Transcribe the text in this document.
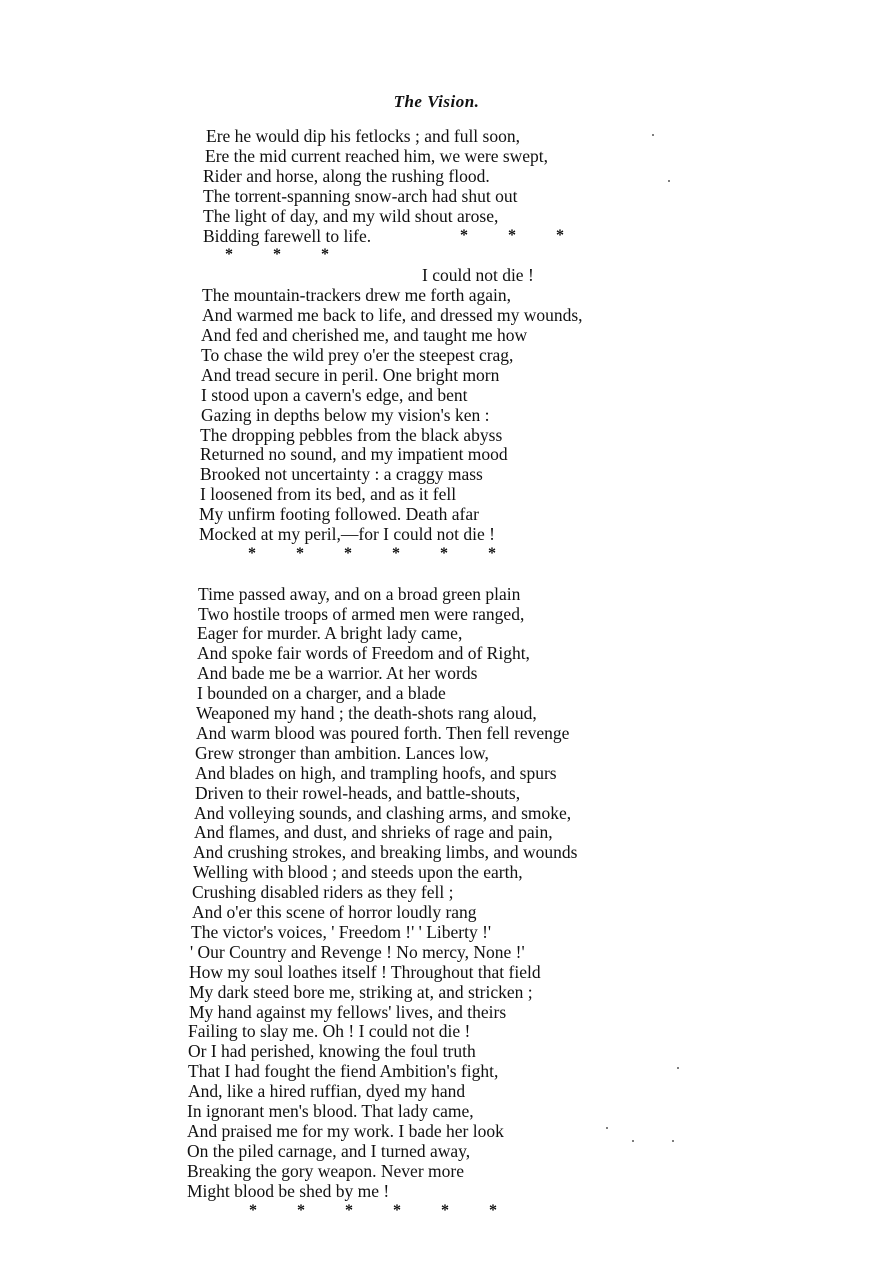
The Vision.
Ere he would dip his fetlocks ; and full soon,
Ere the mid current reached him, we were swept,
Rider and horse, along the rushing flood.
The torrent-spanning snow-arch had shut out
The light of day, and my wild shout arose,
Bidding farewell to life.
*          *          *
I could not die !
The mountain-trackers drew me forth again,
And warmed me back to life, and dressed my wounds,
And fed and cherished me, and taught me how
To chase the wild prey o'er the steepest crag,
And tread secure in peril. One bright morn
I stood upon a cavern's edge, and bent
Gazing in depths below my vision's ken :
The dropping pebbles from the black abyss
Returned no sound, and my impatient mood
Brooked not uncertainty : a craggy mass
I loosened from its bed, and as it fell
My unfirm footing followed. Death afar
Mocked at my peril,—for I could not die !
*          *          *          *          *          *
Time passed away, and on a broad green plain
Two hostile troops of armed men were ranged,
Eager for murder. A bright lady came,
And spoke fair words of Freedom and of Right,
And bade me be a warrior. At her words
I bounded on a charger, and a blade
Weaponed my hand ; the death-shots rang aloud,
And warm blood was poured forth. Then fell revenge
Grew stronger than ambition. Lances low,
And blades on high, and trampling hoofs, and spurs
Driven to their rowel-heads, and battle-shouts,
And volleying sounds, and clashing arms, and smoke,
And flames, and dust, and shrieks of rage and pain,
And crushing strokes, and breaking limbs, and wounds
Welling with blood ; and steeds upon the earth,
Crushing disabled riders as they fell ;
And o'er this scene of horror loudly rang
The victor's voices, ' Freedom !' ' Liberty !'
' Our Country and Revenge ! No mercy, None !'
How my soul loathes itself ! Throughout that field
My dark steed bore me, striking at, and stricken ;
My hand against my fellows' lives, and theirs
Failing to slay me. Oh ! I could not die !
Or I had perished, knowing the foul truth
That I had fought the fiend Ambition's fight,
And, like a hired ruffian, dyed my hand
In ignorant men's blood. That lady came,
And praised me for my work. I bade her look
On the piled carnage, and I turned away,
Breaking the gory weapon. Never more
Might blood be shed by me !
*          *          *          *          *          *
*          *          *
